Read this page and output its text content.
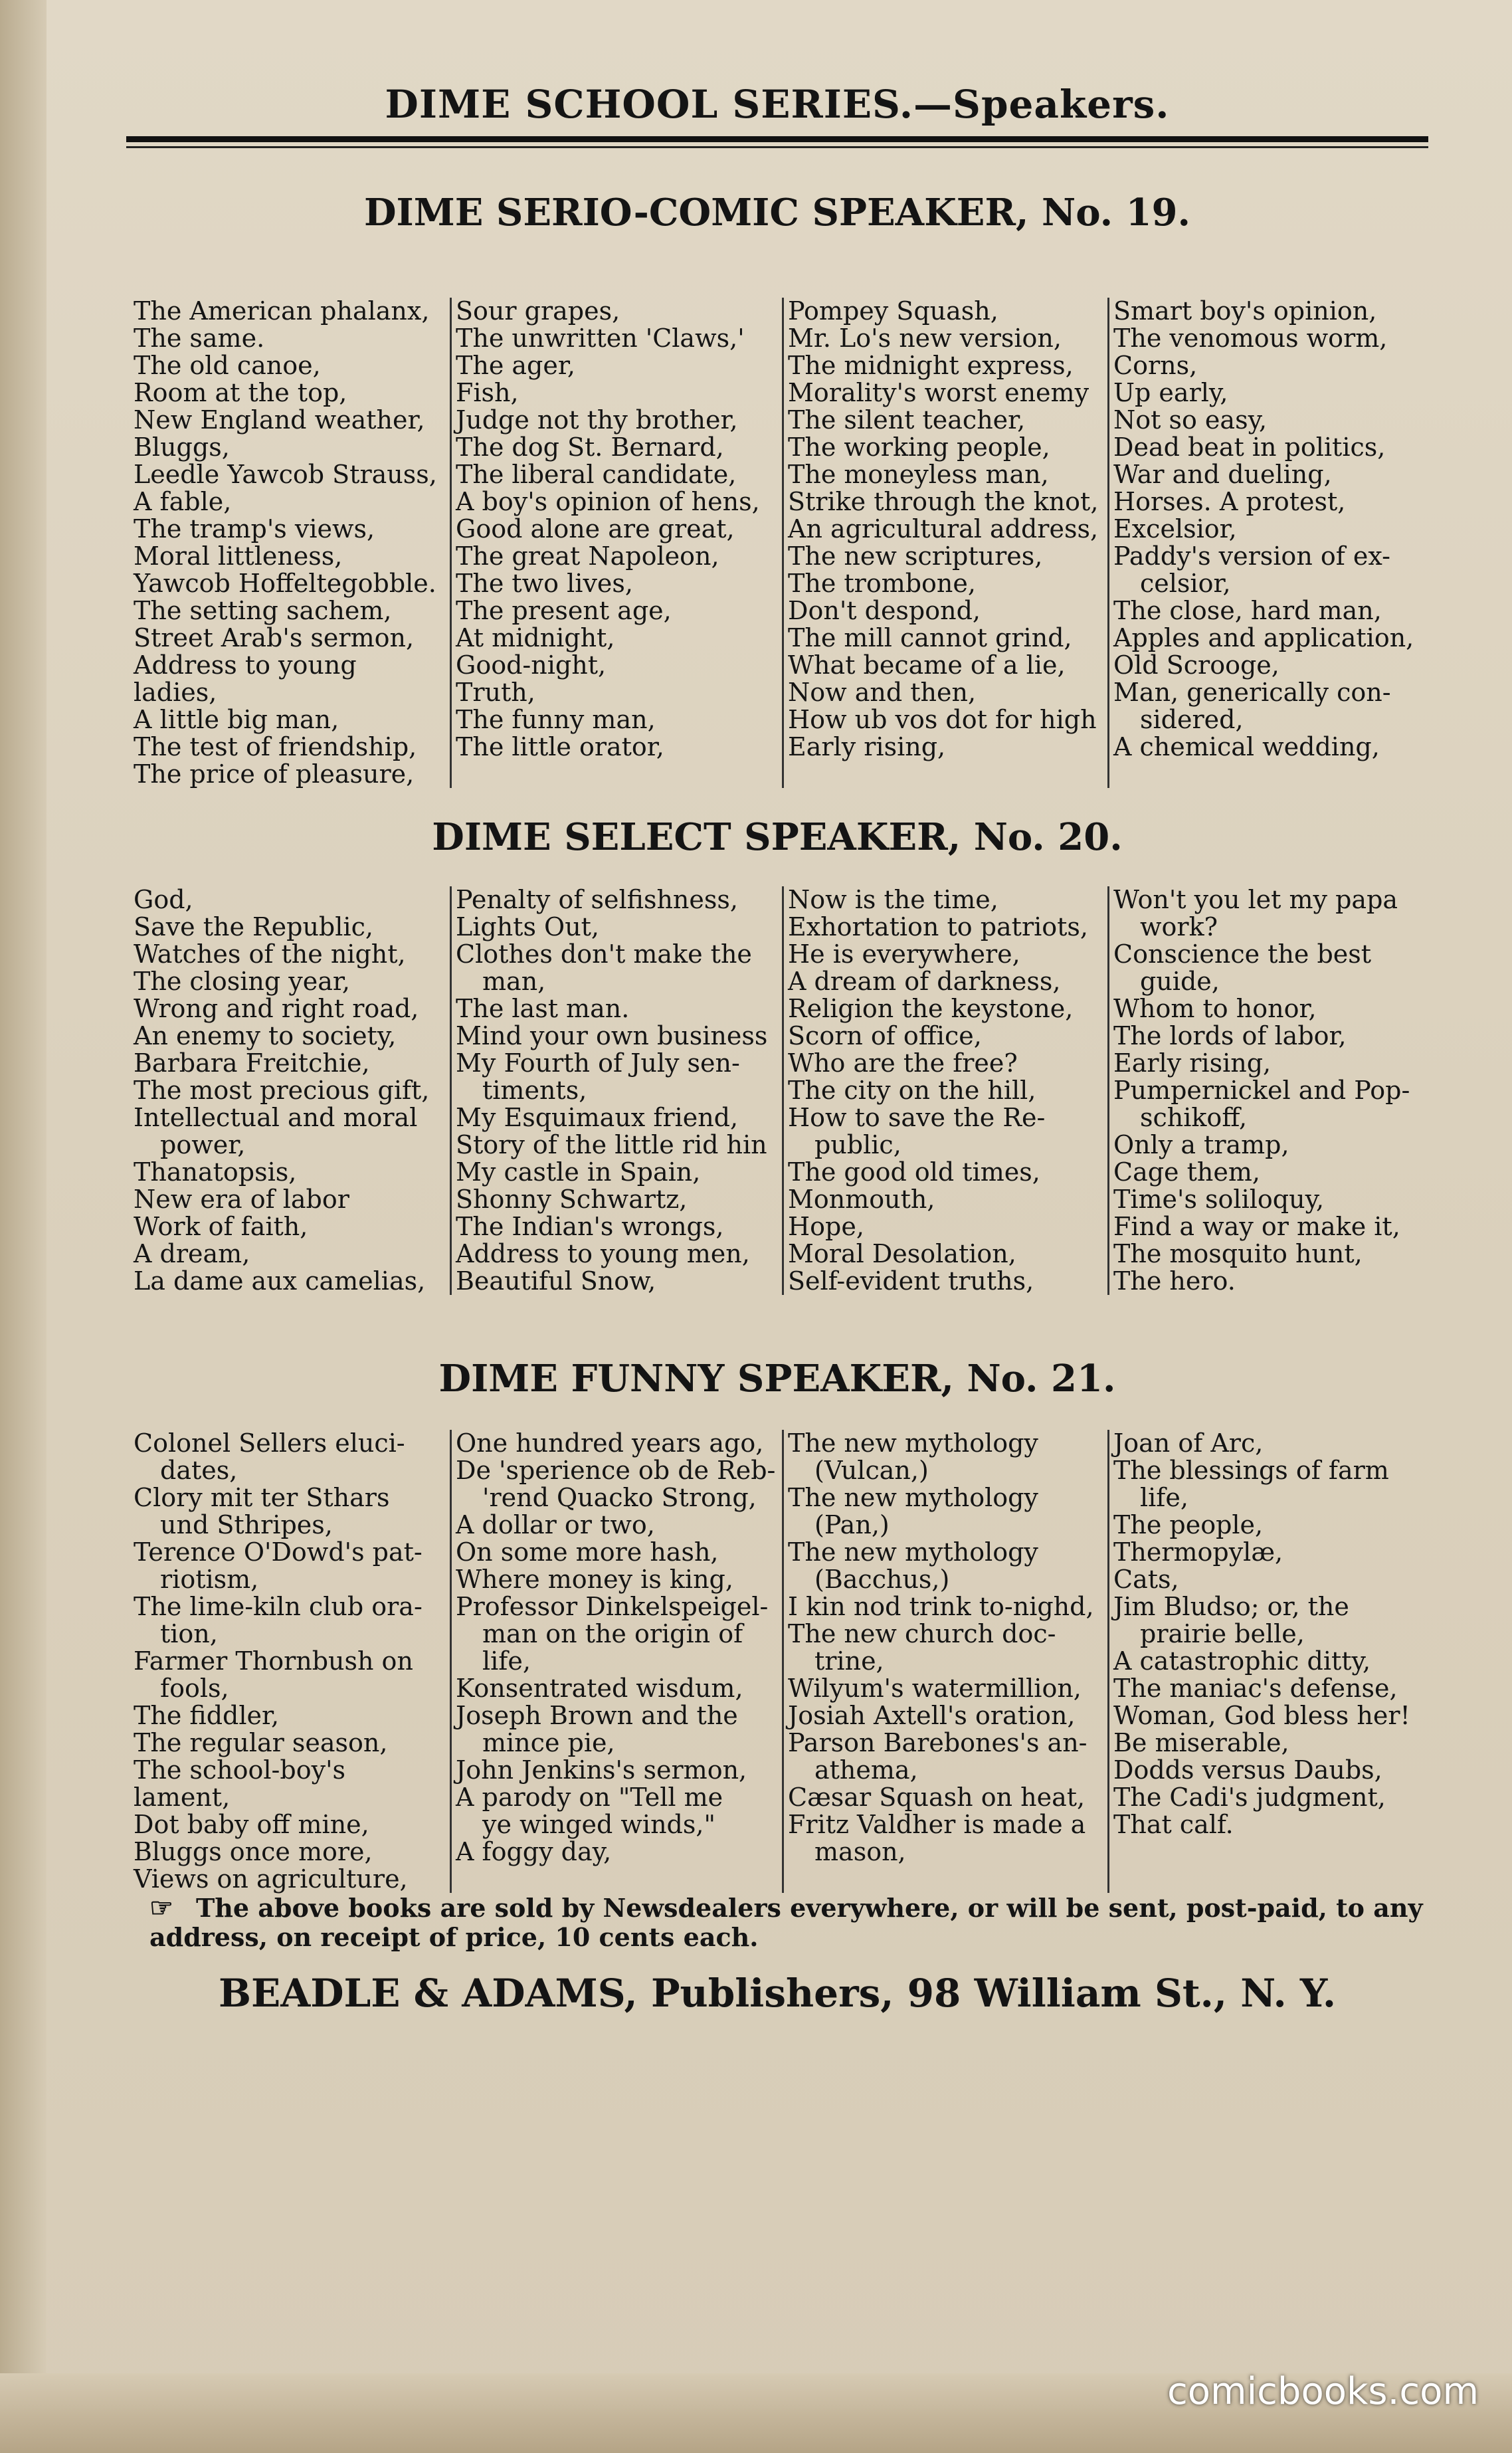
DIME SCHOOL SERIES.—Speakers.
DIME SERIO-COMIC SPEAKER, No. 19.
The American phalanx,
The same.
The old canoe,
Room at the top,
New England weather,
Bluggs,
Leedle Yawcob Strauss,
A fable,
The tramp's views,
Moral littleness,
Yawcob Hoffeltegobble.
The setting sachem,
Street Arab's sermon,
Address to young ladies,
A little big man,
The test of friendship,
The price of pleasure,
Sour grapes,
The unwritten 'Claws,'
The ager,
Fish,
Judge not thy brother,
The dog St. Bernard,
The liberal candidate,
A boy's opinion of hens,
Good alone are great,
The great Napoleon,
The two lives,
The present age,
At midnight,
Good-night,
Truth,
The funny man,
The little orator,
Pompey Squash,
Mr. Lo's new version,
The midnight express,
Morality's worst enemy
The silent teacher,
The working people,
The moneyless man,
Strike through the knot,
An agricultural address,
The new scriptures,
The trombone,
Don't despond,
The mill cannot grind,
What became of a lie,
Now and then,
How ub vos dot for high
Early rising,
Smart boy's opinion,
The venomous worm,
Corns,
Up early,
Not so easy,
Dead beat in politics,
War and dueling,
Horses. A protest,
Excelsior,
Paddy's version of ex-
celsior,
The close, hard man,
Apples and application,
Old Scrooge,
Man, generically con-
sidered,
A chemical wedding,
DIME SELECT SPEAKER, No. 20.
God,
Save the Republic,
Watches of the night,
The closing year,
Wrong and right road,
An enemy to society,
Barbara Freitchie,
The most precious gift,
Intellectual and moral
power,
Thanatopsis,
New era of labor
Work of faith,
A dream,
La dame aux camelias,
Penalty of selfishness,
Lights Out,
Clothes don't make the
man,
The last man.
Mind your own business
My Fourth of July sen-
timents,
My Esquimaux friend,
Story of the little rid hin
My castle in Spain,
Shonny Schwartz,
The Indian's wrongs,
Address to young men,
Beautiful Snow,
Now is the time,
Exhortation to patriots,
He is everywhere,
A dream of darkness,
Religion the keystone,
Scorn of office,
Who are the free?
The city on the hill,
How to save the Re-
public,
The good old times,
Monmouth,
Hope,
Moral Desolation,
Self-evident truths,
Won't you let my papa
work?
Conscience the best
guide,
Whom to honor,
The lords of labor,
Early rising,
Pumpernickel and Pop-
schikoff,
Only a tramp,
Cage them,
Time's soliloquy,
Find a way or make it,
The mosquito hunt,
The hero.
DIME FUNNY SPEAKER, No. 21.
Colonel Sellers eluci-
dates,
Clory mit ter Sthars
und Sthripes,
Terence O'Dowd's pat-
riotism,
The lime-kiln club ora-
tion,
Farmer Thornbush on
fools,
The fiddler,
The regular season,
The school-boy's lament,
Dot baby off mine,
Bluggs once more,
Views on agriculture,
One hundred years ago,
De 'sperience ob de Reb-
'rend Quacko Strong,
A dollar or two,
On some more hash,
Where money is king,
Professor Dinkelspeigel-
man on the origin of
life,
Konsentrated wisdum,
Joseph Brown and the
mince pie,
John Jenkins's sermon,
A parody on "Tell me
ye winged winds,"
A foggy day,
The new mythology
(Vulcan,)
The new mythology
(Pan,)
The new mythology
(Bacchus,)
I kin nod trink to-nighd,
The new church doc-
trine,
Wilyum's watermillion,
Josiah Axtell's oration,
Parson Barebones's an-
athema,
Cæsar Squash on heat,
Fritz Valdher is made a
mason,
Joan of Arc,
The blessings of farm
life,
The people,
Thermopylæ,
Cats,
Jim Bludso; or, the
prairie belle,
A catastrophic ditty,
The maniac's defense,
Woman, God bless her!
Be miserable,
Dodds versus Daubs,
The Cadi's judgment,
That calf.
☞ The above books are sold by Newsdealers everywhere, or will be sent, post-paid, to any address, on receipt of price, 10 cents each.
BEADLE & ADAMS, Publishers, 98 William St., N. Y.
comicbooks.com
